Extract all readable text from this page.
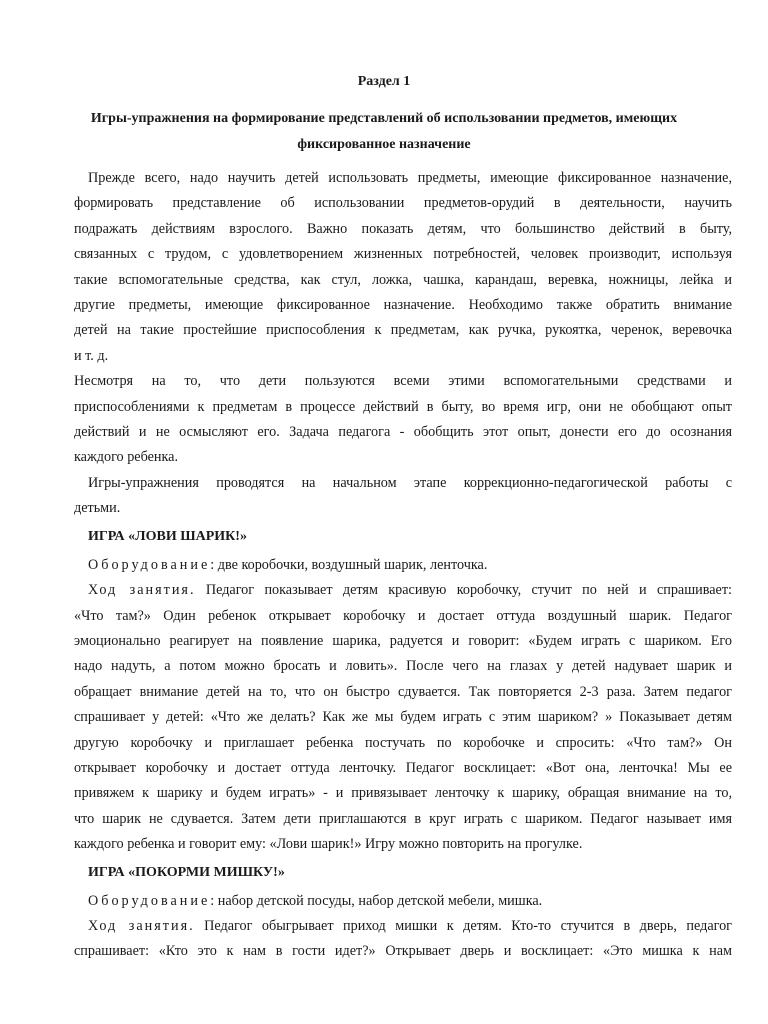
Раздел 1
Игры-упражнения на формирование представлений об использовании предметов, имеющих
фиксированное назначение
Прежде всего, надо научить детей использовать предметы, имеющие фиксированное назначение,
формировать представление об использовании предметов-орудий в деятельности, научить
подражать действиям взрослого. Важно показать детям, что большинство действий в быту,
связанных с трудом, с удовлетворением жизненных потребностей, человек производит, используя
такие вспомогательные средства, как стул, ложка, чашка, карандаш, веревка, ножницы, лейка и
другие предметы, имеющие фиксированное назначение. Необходимо также обратить внимание
детей на такие простейшие приспособления к предметам, как ручка, рукоятка, черенок, веревочка
и т. д.
Несмотря на то, что дети пользуются всеми этими вспомогательными средствами и
приспособлениями к предметам в процессе действий в быту, во время игр, они не обобщают опыт
действий и не осмысляют его. Задача педагога - обобщить этот опыт, донести его до осознания
каждого ребенка.
Игры-упражнения проводятся на начальном этапе коррекционно-педагогической работы с
детьми.
ИГРА «ЛОВИ ШАРИК!»
Оборудование: две коробочки, воздушный шарик, ленточка.
Ход занятия. Педагог показывает детям красивую коробочку, стучит по ней и спрашивает:
«Что там?» Один ребенок открывает коробочку и достает оттуда воздушный шарик. Педагог
эмоционально реагирует на появление шарика, радуется и говорит: «Будем играть с шариком. Его
надо надуть, а потом можно бросать и ловить». После чего на глазах у детей надувает шарик и
обращает внимание детей на то, что он быстро сдувается. Так повторяется 2-3 раза. Затем педагог
спрашивает у детей: «Что же делать? Как же мы будем играть с этим шариком? » Показывает детям
другую коробочку и приглашает ребенка постучать по коробочке и спросить: «Что там?» Он
открывает коробочку и достает оттуда ленточку. Педагог восклицает: «Вот она, ленточка! Мы ее
привяжем к шарику и будем играть» - и привязывает ленточку к шарику, обращая внимание на то,
что шарик не сдувается. Затем дети приглашаются в круг играть с шариком. Педагог называет имя
каждого ребенка и говорит ему: «Лови шарик!» Игру можно повторить на прогулке.
ИГРА «ПОКОРМИ МИШКУ!»
Оборудование: набор детской посуды, набор детской мебели, мишка.
Ход занятия. Педагог обыгрывает приход мишки к детям. Кто-то стучится в дверь, педагог
спрашивает: «Кто это к нам в гости идет?» Открывает дверь и восклицает: «Это мишка к нам
